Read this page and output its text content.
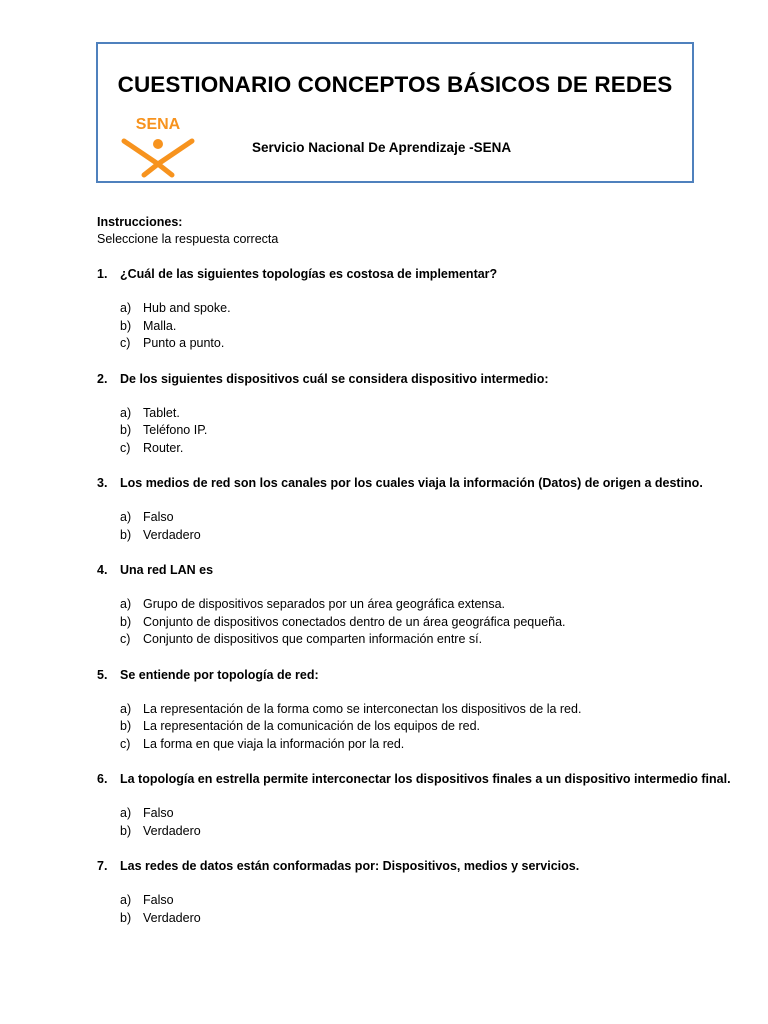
CUESTIONARIO CONCEPTOS BÁSICOS DE REDES
SENA
Servicio Nacional De Aprendizaje -SENA
Instrucciones:
Seleccione la respuesta correcta
1.	¿Cuál de las siguientes topologías es costosa de implementar?
a) Hub and spoke.
b) Malla.
c)	Punto a punto.
2.	De los siguientes dispositivos cuál se considera dispositivo intermedio:
a) Tablet.
b) Teléfono IP.
c)	Router.
3.	Los medios de red son los canales por los cuales viaja la información (Datos) de origen a destino.
a) Falso
b) Verdadero
4.	Una red LAN es
a) Grupo de dispositivos separados por un área geográfica extensa.
b) Conjunto de dispositivos conectados dentro de un área geográfica pequeña.
c)	Conjunto de dispositivos que comparten información entre sí.
5.	Se entiende por topología de red:
a) La representación de la forma como se interconectan los dispositivos de la red.
b) La representación de la comunicación de los equipos de red.
c)	La forma en que viaja la información por la red.
6.	La topología en estrella permite interconectar los dispositivos finales a un dispositivo intermedio final.
a) Falso
b) Verdadero
7.	Las redes de datos están conformadas por: Dispositivos, medios y servicios.
a) Falso
b) Verdadero
